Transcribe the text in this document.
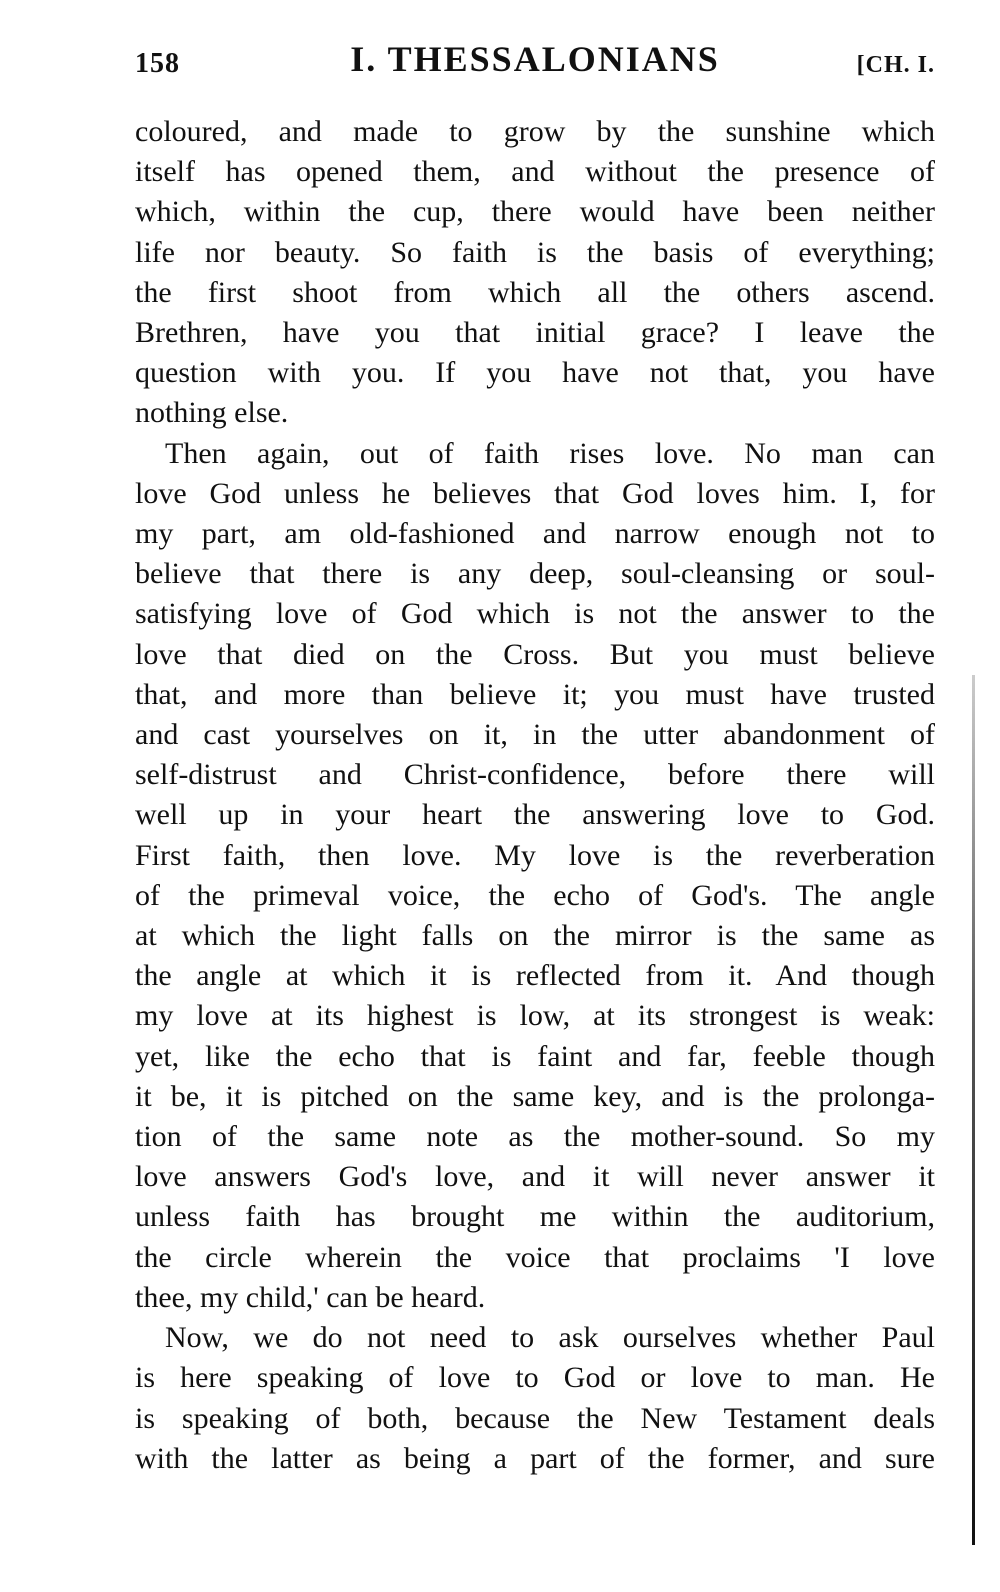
158	I. THESSALONIANS	[CH. I.

coloured, and made to grow by the sunshine which
itself has opened them, and without the presence of
which, within the cup, there would have been neither
life nor beauty. So faith is the basis of everything;
the first shoot from which all the others ascend.
Brethren, have you that initial grace? I leave the
question with you. If you have not that, you have
nothing else.

Then again, out of faith rises love. No man can
love God unless he believes that God loves him. I, for
my part, am old-fashioned and narrow enough not to
believe that there is any deep, soul-cleansing or soul-
satisfying love of God which is not the answer to the
love that died on the Cross. But you must believe
that, and more than believe it; you must have trusted
and cast yourselves on it, in the utter abandonment of
self-distrust and Christ-confidence, before there will
well up in your heart the answering love to God.
First faith, then love. My love is the reverberation
of the primeval voice, the echo of God's. The angle
at which the light falls on the mirror is the same as
the angle at which it is reflected from it. And though
my love at its highest is low, at its strongest is weak:
yet, like the echo that is faint and far, feeble though
it be, it is pitched on the same key, and is the prolonga-
tion of the same note as the mother-sound. So my
love answers God's love, and it will never answer it
unless faith has brought me within the auditorium,
the circle wherein the voice that proclaims 'I love
thee, my child,' can be heard.

Now, we do not need to ask ourselves whether Paul
is here speaking of love to God or love to man. He
is speaking of both, because the New Testament deals
with the latter as being a part of the former, and sure
